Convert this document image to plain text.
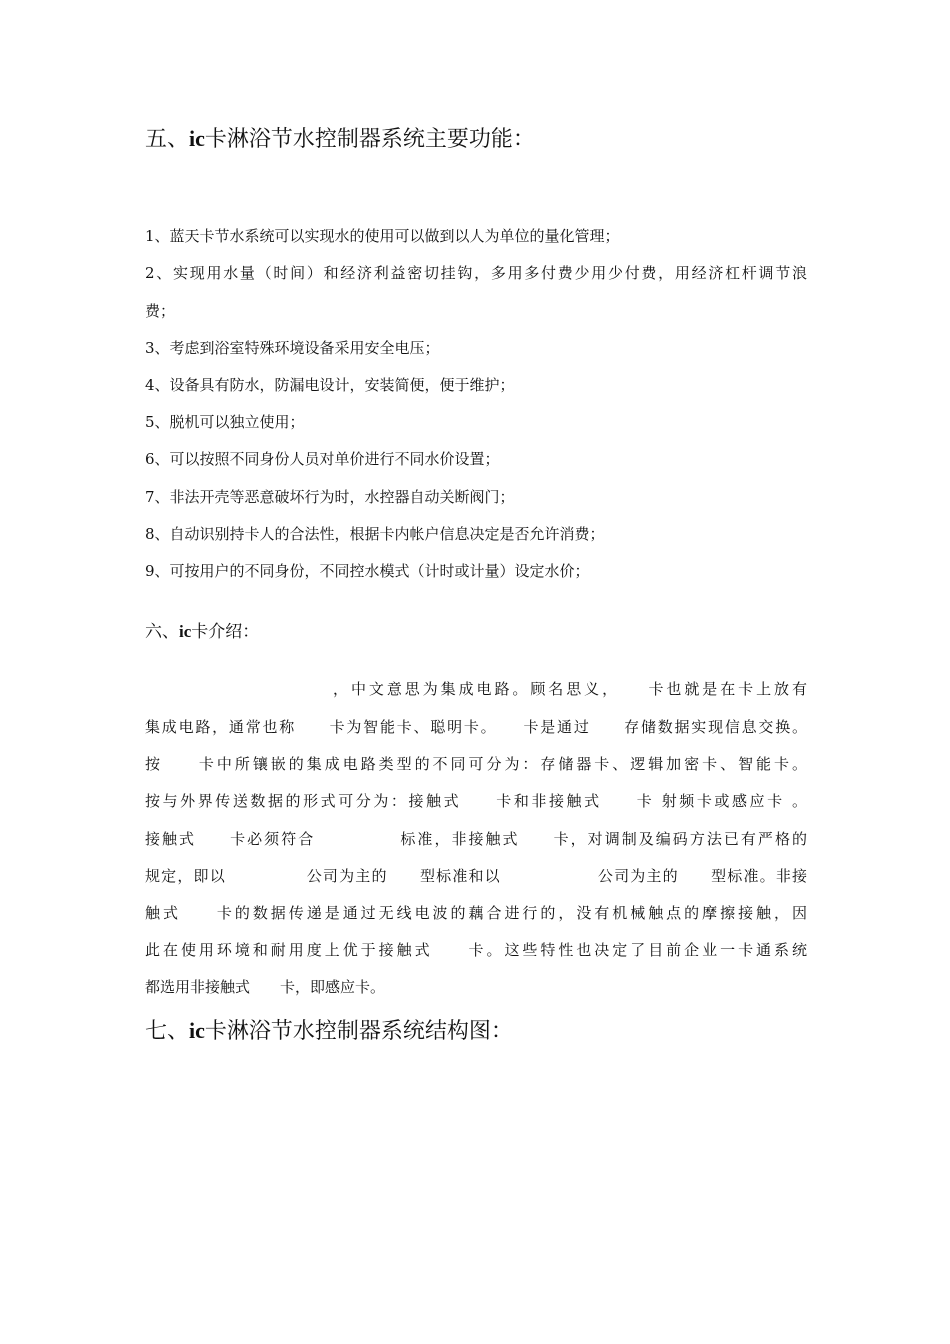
五、ic卡淋浴节水控制器系统主要功能：
1、蓝天卡节水系统可以实现水的使用可以做到以人为单位的量化管理；
2、实现用水量（时间）和经济利益密切挂钩，多用多付费少用少付费，用经济杠杆调节浪
费；
3、考虑到浴室特殊环境设备采用安全电压；
4、设备具有防水，防漏电设计，安装简便，便于维护；
5、脱机可以独立使用；
6、可以按照不同身份人员对单价进行不同水价设置；
7、非法开壳等恶意破坏行为时，水控器自动关断阀门；
8、自动识别持卡人的合法性，根据卡内帐户信息决定是否允许消费；
9、可按用户的不同身份，不同控水模式（计时或计量）设定水价；
六、ic卡介绍：
，中文意思为集成电路。顾名思义，　　卡也就是在卡上放有
集成电路，通常也称　　卡为智能卡、聪明卡。　　卡是通过　　存储数据实现信息交换。
按　　卡中所镶嵌的集成电路类型的不同可分为：存储器卡、逻辑加密卡、智能卡。
按与外界传送数据的形式可分为：接触式　　卡和非接触式　　卡 射频卡或感应卡 。
接触式　　卡必须符合　　　　　标准，非接触式　　卡，对调制及编码方法已有严格的
规定，即以　　　　　公司为主的　　型标准和以　　　　　　公司为主的　　型标准。非接
触式　　卡的数据传递是通过无线电波的藕合进行的，没有机械触点的摩擦接触，因
此在使用环境和耐用度上优于接触式　　卡。这些特性也决定了目前企业一卡通系统
都选用非接触式　　卡，即感应卡。
七、ic卡淋浴节水控制器系统结构图：
